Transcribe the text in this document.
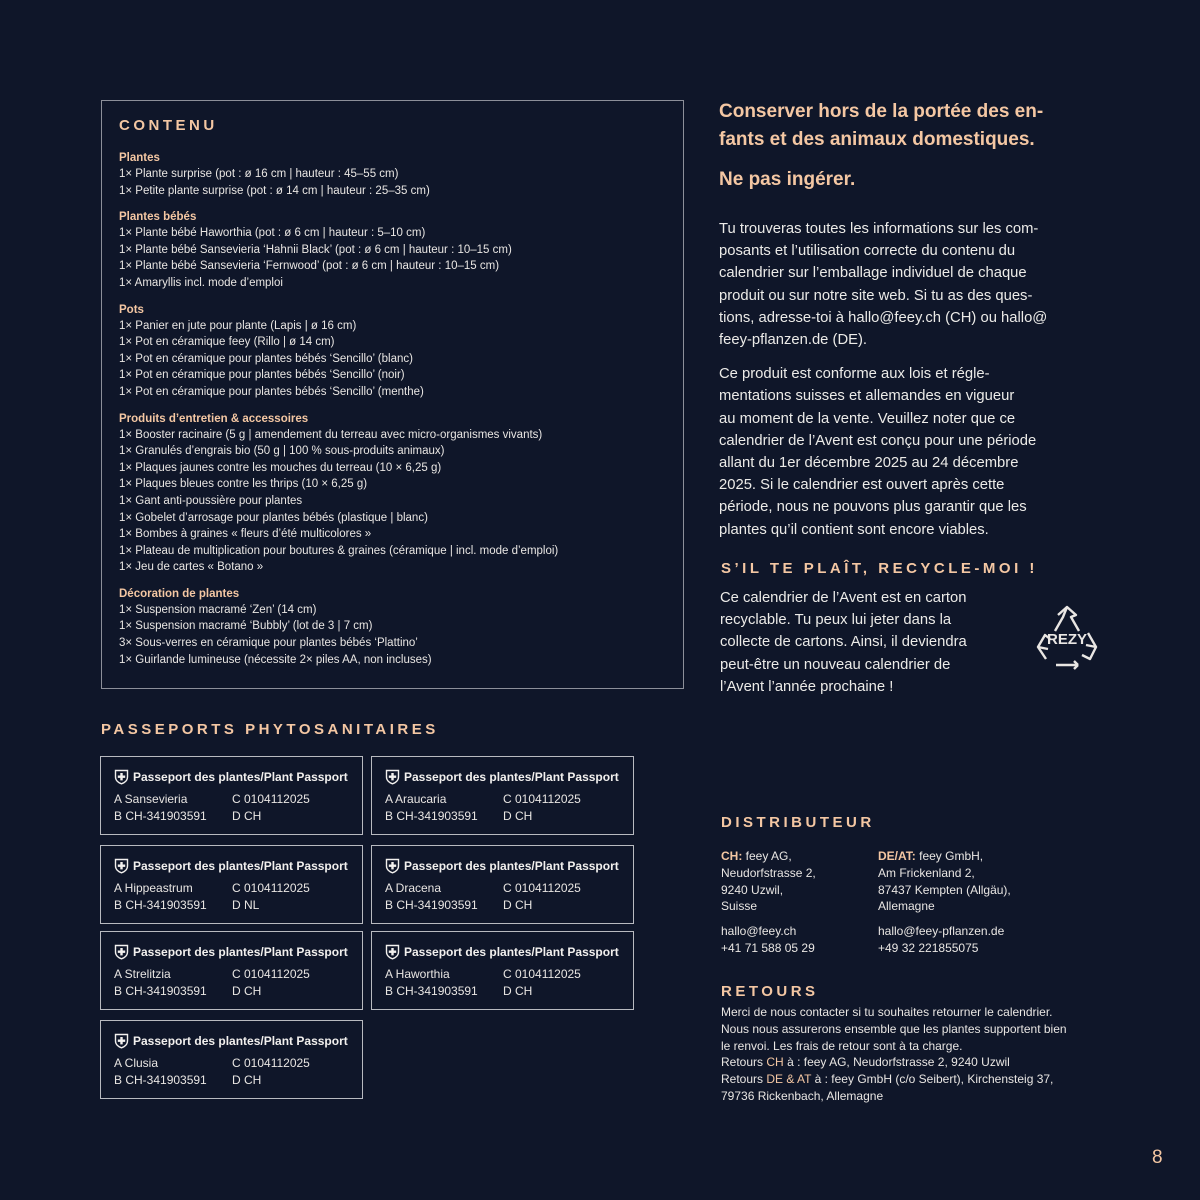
CONTENU
Plantes
1× Plante surprise (pot : ø 16 cm | hauteur : 45–55 cm)
1× Petite plante surprise (pot : ø 14 cm | hauteur : 25–35 cm)
Plantes bébés
1× Plante bébé Haworthia (pot : ø 6 cm | hauteur : 5–10 cm)
1× Plante bébé Sansevieria ‘Hahnii Black’ (pot : ø 6 cm | hauteur : 10–15 cm)
1× Plante bébé Sansevieria ‘Fernwood’ (pot : ø 6 cm | hauteur : 10–15 cm)
1× Amaryllis incl. mode d’emploi
Pots
1× Panier en jute pour plante (Lapis | ø 16 cm)
1× Pot en céramique feey (Rillo | ø 14 cm)
1× Pot en céramique pour plantes bébés ‘Sencillo’ (blanc)
1× Pot en céramique pour plantes bébés ‘Sencillo’ (noir)
1× Pot en céramique pour plantes bébés ‘Sencillo’ (menthe)
Produits d’entretien & accessoires
1× Booster racinaire (5 g | amendement du terreau avec micro-organismes vivants)
1× Granulés d’engrais bio (50 g | 100 % sous-produits animaux)
1× Plaques jaunes contre les mouches du terreau (10 × 6,25 g)
1× Plaques bleues contre les thrips (10 × 6,25 g)
1× Gant anti-poussière pour plantes
1× Gobelet d’arrosage pour plantes bébés (plastique | blanc)
1× Bombes à graines « fleurs d’été multicolores »
1× Plateau de multiplication pour boutures & graines (céramique | incl. mode d’emploi)
1× Jeu de cartes « Botano »
Décoration de plantes
1× Suspension macramé ‘Zen’ (14 cm)
1× Suspension macramé ‘Bubbly’ (lot de 3 | 7 cm)
3× Sous-verres en céramique pour plantes bébés ‘Plattino’
1× Guirlande lumineuse (nécessite 2× piles AA, non incluses)

Conserver hors de la portée des en-
fants et des animaux domestiques.

Ne pas ingérer.

Tu trouveras toutes les informations sur les com-
posants et l’utilisation correcte du contenu du
calendrier sur l’emballage individuel de chaque
produit ou sur notre site web. Si tu as des ques-
tions, adresse-toi à hallo@feey.ch (CH) ou hallo@
feey-pflanzen.de (DE).

Ce produit est conforme aux lois et régle-
mentations suisses et allemandes en vigueur
au moment de la vente. Veuillez noter que ce
calendrier de l’Avent est conçu pour une période
allant du 1er décembre 2025 au 24 décembre
2025. Si le calendrier est ouvert après cette
période, nous ne pouvons plus garantir que les
plantes qu’il contient sont encore viables.

S’IL TE PLAÎT, RECYCLE-MOI !
Ce calendrier de l’Avent est en carton
recyclable. Tu peux lui jeter dans la
collecte de cartons. Ainsi, il deviendra
peut-être un nouveau calendrier de
l’Avent l’année prochaine !
REZY
PASSEPORTS PHYTOSANITAIRES
DISTRIBUTEUR
CH: feey AG,
Neudorfstrasse 2,
9240 Uzwil,
Suisse
hallo@feey.ch
+41 71 588 05 29
DE/AT: feey GmbH,
Am Frickenland 2,
87437 Kempten (Allgäu),
Allemagne
hallo@feey-pflanzen.de
+49 32 221855075
RETOURS
Merci de nous contacter si tu souhaites retourner le calendrier.
Nous nous assurerons ensemble que les plantes supportent bien
le renvoi. Les frais de retour sont à ta charge.
Retours CH à : feey AG, Neudorfstrasse 2, 9240 Uzwil
Retours DE & AT à : feey GmbH (c/o Seibert), Kirchensteig 37,
79736 Rickenbach, Allemagne
8
Passeport des plantes/Plant Passport
A Sansevieria	C 0104112025
B CH-341903591	D CH
Passeport des plantes/Plant Passport
A Araucaria	C 0104112025
B CH-341903591	D CH
Passeport des plantes/Plant Passport
A Hippeastrum	C 0104112025
B CH-341903591	D NL
Passeport des plantes/Plant Passport
A Dracena	C 0104112025
B CH-341903591	D CH
Passeport des plantes/Plant Passport
A Strelitzia	C 0104112025
B CH-341903591	D CH
Passeport des plantes/Plant Passport
A Haworthia	C 0104112025
B CH-341903591	D CH
Passeport des plantes/Plant Passport
A Clusia	C 0104112025
B CH-341903591	D CH
